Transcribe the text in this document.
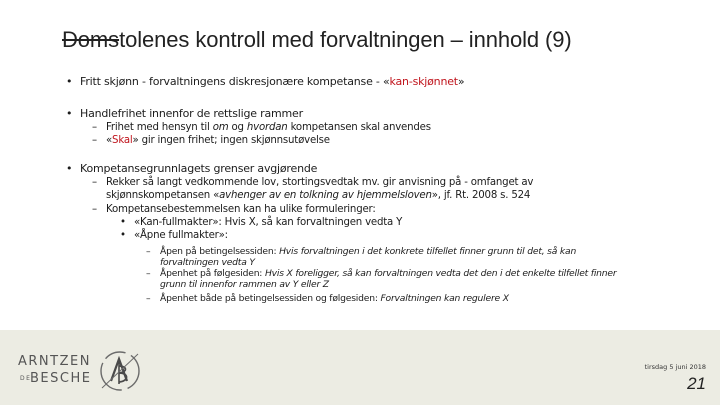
Domstolenes kontroll med forvaltningen – innhold (9)
• Fritt skjønn - forvaltningens diskresjonære kompetanse - «kan-skjønnet»
• Handlefrihet innenfor de rettslige rammer
– Frihet med hensyn til om og hvordan kompetansen skal anvendes
– «Skal» gir ingen frihet; ingen skjønnsutøvelse
• Kompetansegrunnlagets grenser avgjørende
– Rekker så langt vedkommende lov, stortingsvedtak mv. gir anvisning på - omfanget av
skjønnskompetansen «avhenger av en tolkning av hjemmelsloven», jf. Rt. 2008 s. 524
– Kompetansebestemmelsen kan ha ulike formuleringer:
• «Kan-fullmakter»: Hvis X, så kan forvaltningen vedta Y
• «Åpne fullmakter»:
– Åpen på betingelsessiden: Hvis forvaltningen i det konkrete tilfellet finner grunn til det, så kan
forvaltningen vedta Y
– Åpenhet på følgesiden: Hvis X foreligger, så kan forvaltningen vedta det den i det enkelte tilfellet finner
grunn til innenfor rammen av Y eller Z
– Åpenhet både på betingelsessiden og følgesiden: Forvaltningen kan regulere X
ARNTZEN
DE
BESCHE
tirsdag 5 juni 2018
21
